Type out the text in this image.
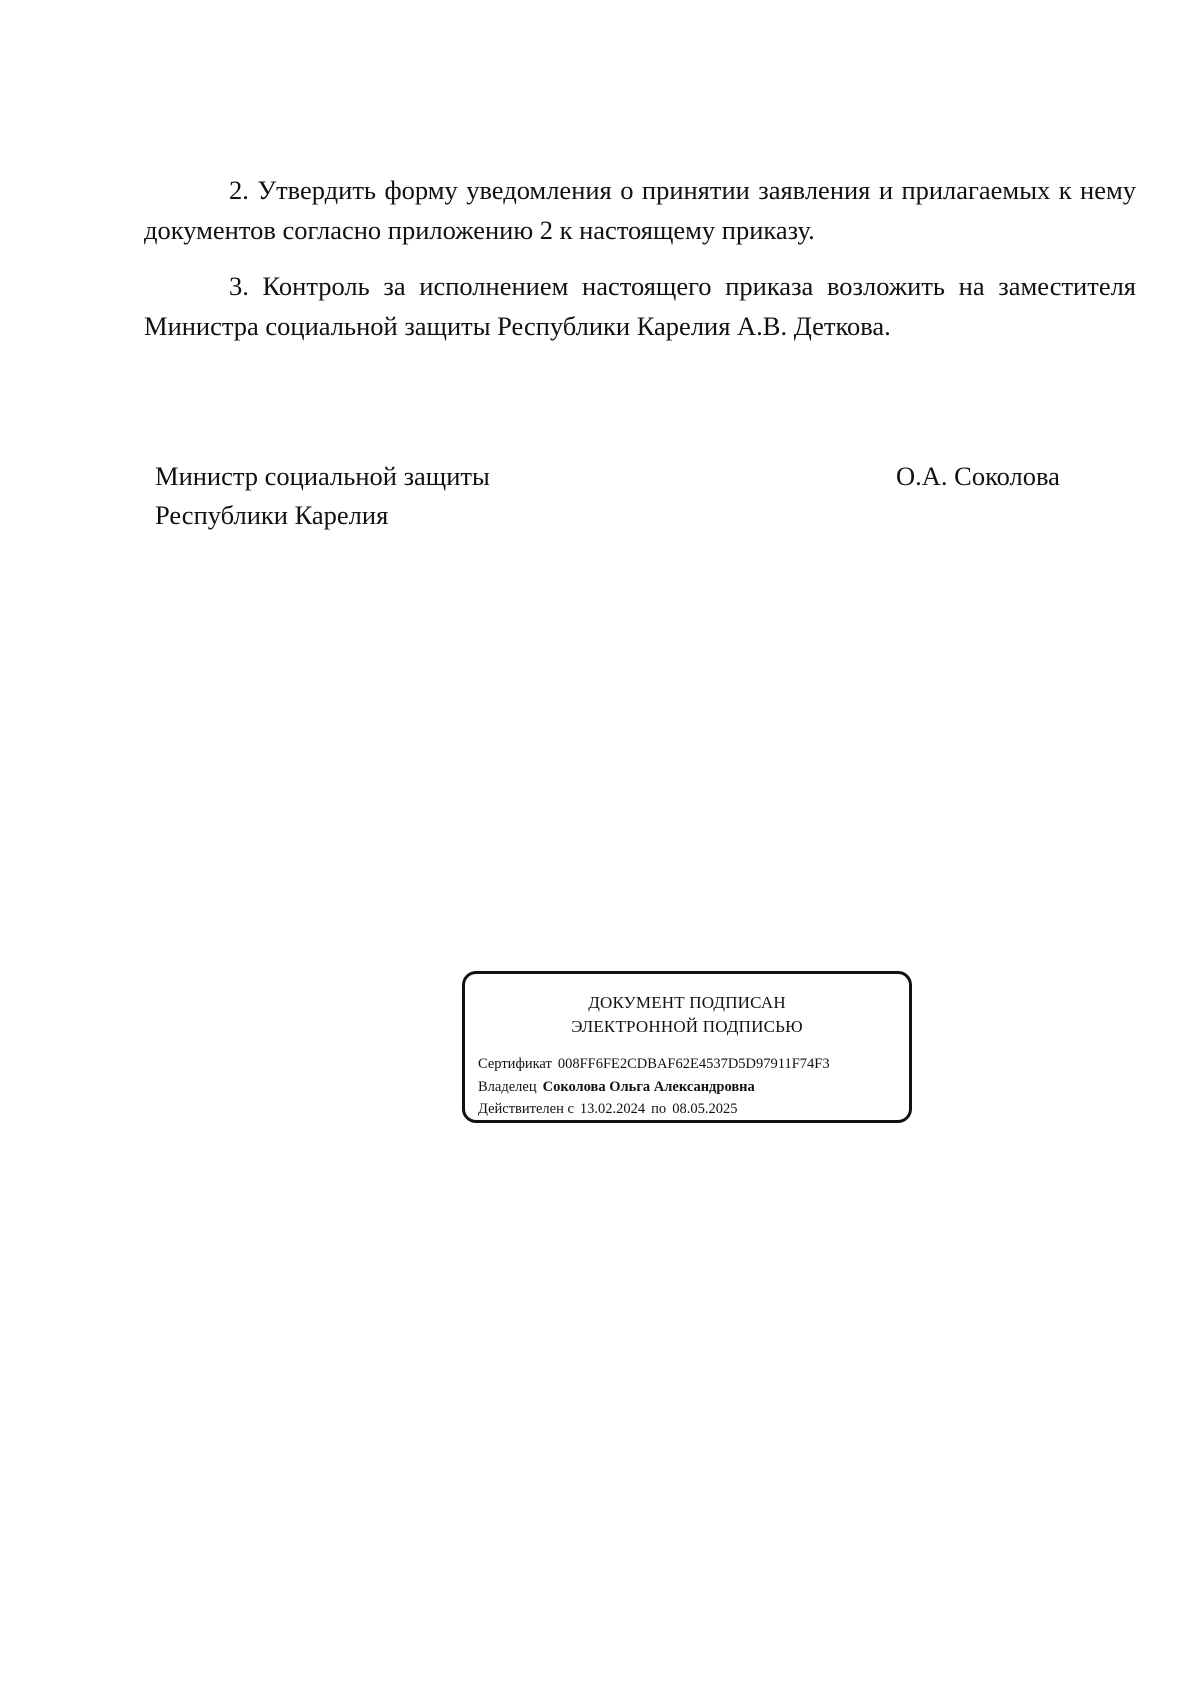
2. Утвердить форму уведомления о принятии заявления и прилагаемых к нему документов согласно приложению 2 к настоящему приказу.

3. Контроль за исполнением настоящего приказа возложить на заместителя Министра социальной защиты Республики Карелия А.В. Деткова.

Министр социальной защиты
Республики Карелия
О.А. Соколова
ДОКУМЕНТ ПОДПИСАН
ЭЛЕКТРОННОЙ ПОДПИСЬЮ
Сертификат 008FF6FE2CDBAF62E4537D5D97911F74F3
Владелец Соколова Ольга Александровна
Действителен с 13.02.2024 по 08.05.2025
